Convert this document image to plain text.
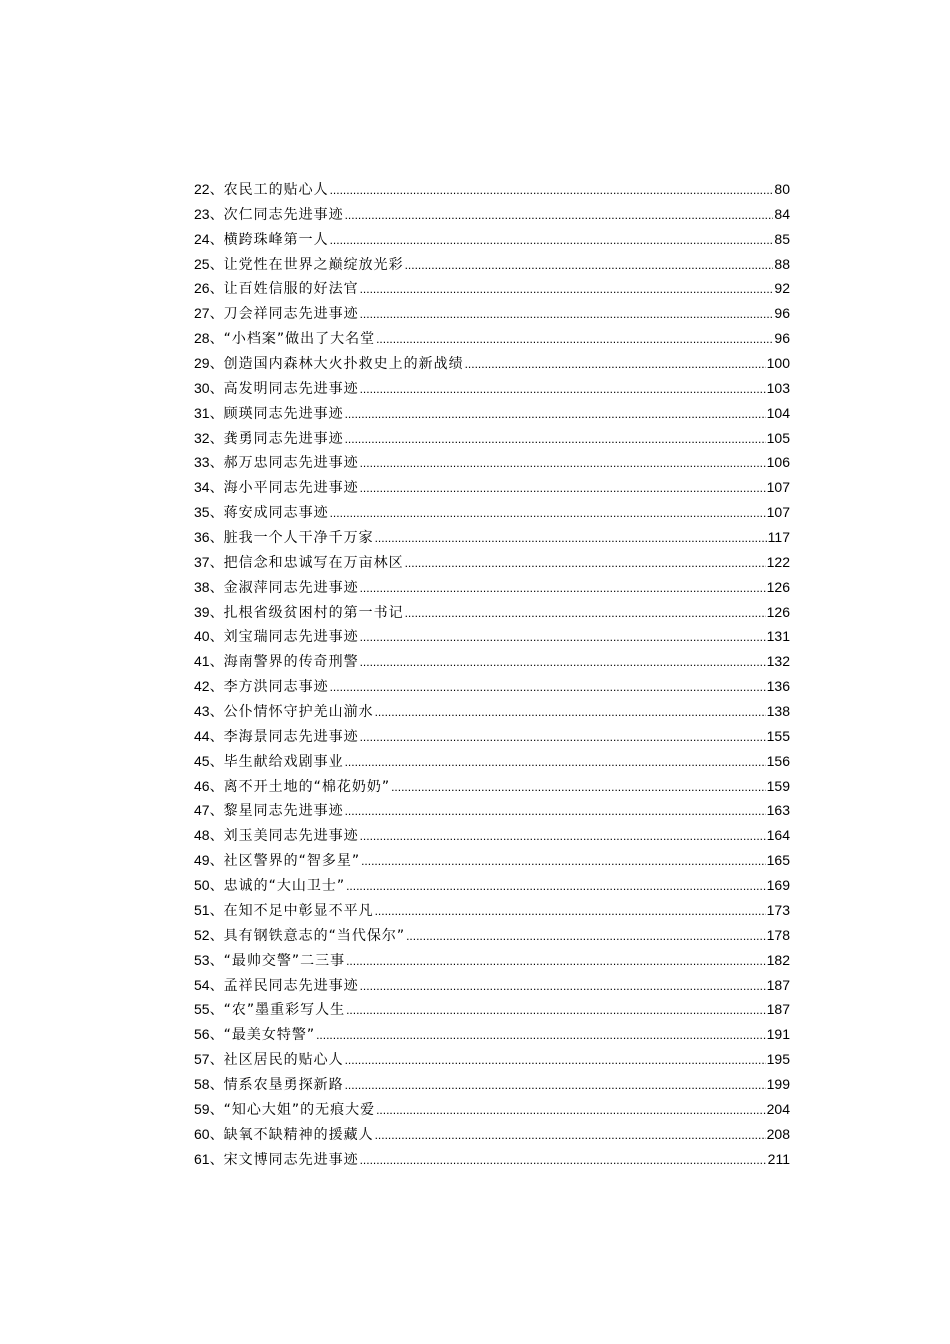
22、 农民工的贴心人 .....	80
23、 次仁同志先进事迹 .....	84
24、 横跨珠峰第一人 .....	85
25、 让党性在世界之巅绽放光彩 .....	88
26、 让百姓信服的好法官 .....	92
27、 刀会祥同志先进事迹 .....	96
28、 “小档案”做出了大名堂 .....	96
29、 创造国内森林大火扑救史上的新战绩 .....	100
30、 高发明同志先进事迹 .....	103
31、 顾瑛同志先进事迹 .....	104
32、 龚勇同志先进事迹 .....	105
33、 郝万忠同志先进事迹 .....	106
34、 海小平同志先进事迹 .....	107
35、 蒋安成同志事迹 .....	107
36、 脏我一个人干净千万家 .....	117
37、 把信念和忠诚写在万亩林区 .....	122
38、 金淑萍同志先进事迹 .....	126
39、 扎根省级贫困村的第一书记 .....	126
40、 刘宝瑞同志先进事迹 .....	131
41、 海南警界的传奇刑警 .....	132
42、 李方洪同志事迹 .....	136
43、 公仆情怀守护羌山湔水 .....	138
44、 李海景同志先进事迹 .....	155
45、 毕生献给戏剧事业 .....	156
46、 离不开土地的“棉花奶奶” .....	159
47、 黎星同志先进事迹 .....	163
48、 刘玉美同志先进事迹 .....	164
49、 社区警界的“智多星” .....	165
50、 忠诚的“大山卫士” .....	169
51、 在知不足中彰显不平凡 .....	173
52、 具有钢铁意志的“当代保尔” .....	178
53、 “最帅交警”二三事 .....	182
54、 孟祥民同志先进事迹 .....	187
55、 “农”墨重彩写人生 .....	187
56、 “最美女特警” .....	191
57、 社区居民的贴心人 .....	195
58、 情系农垦勇探新路 .....	199
59、 “知心大姐”的无痕大爱 .....	204
60、 缺氧不缺精神的援藏人 .....	208
61、 宋文博同志先进事迹 .....	211
